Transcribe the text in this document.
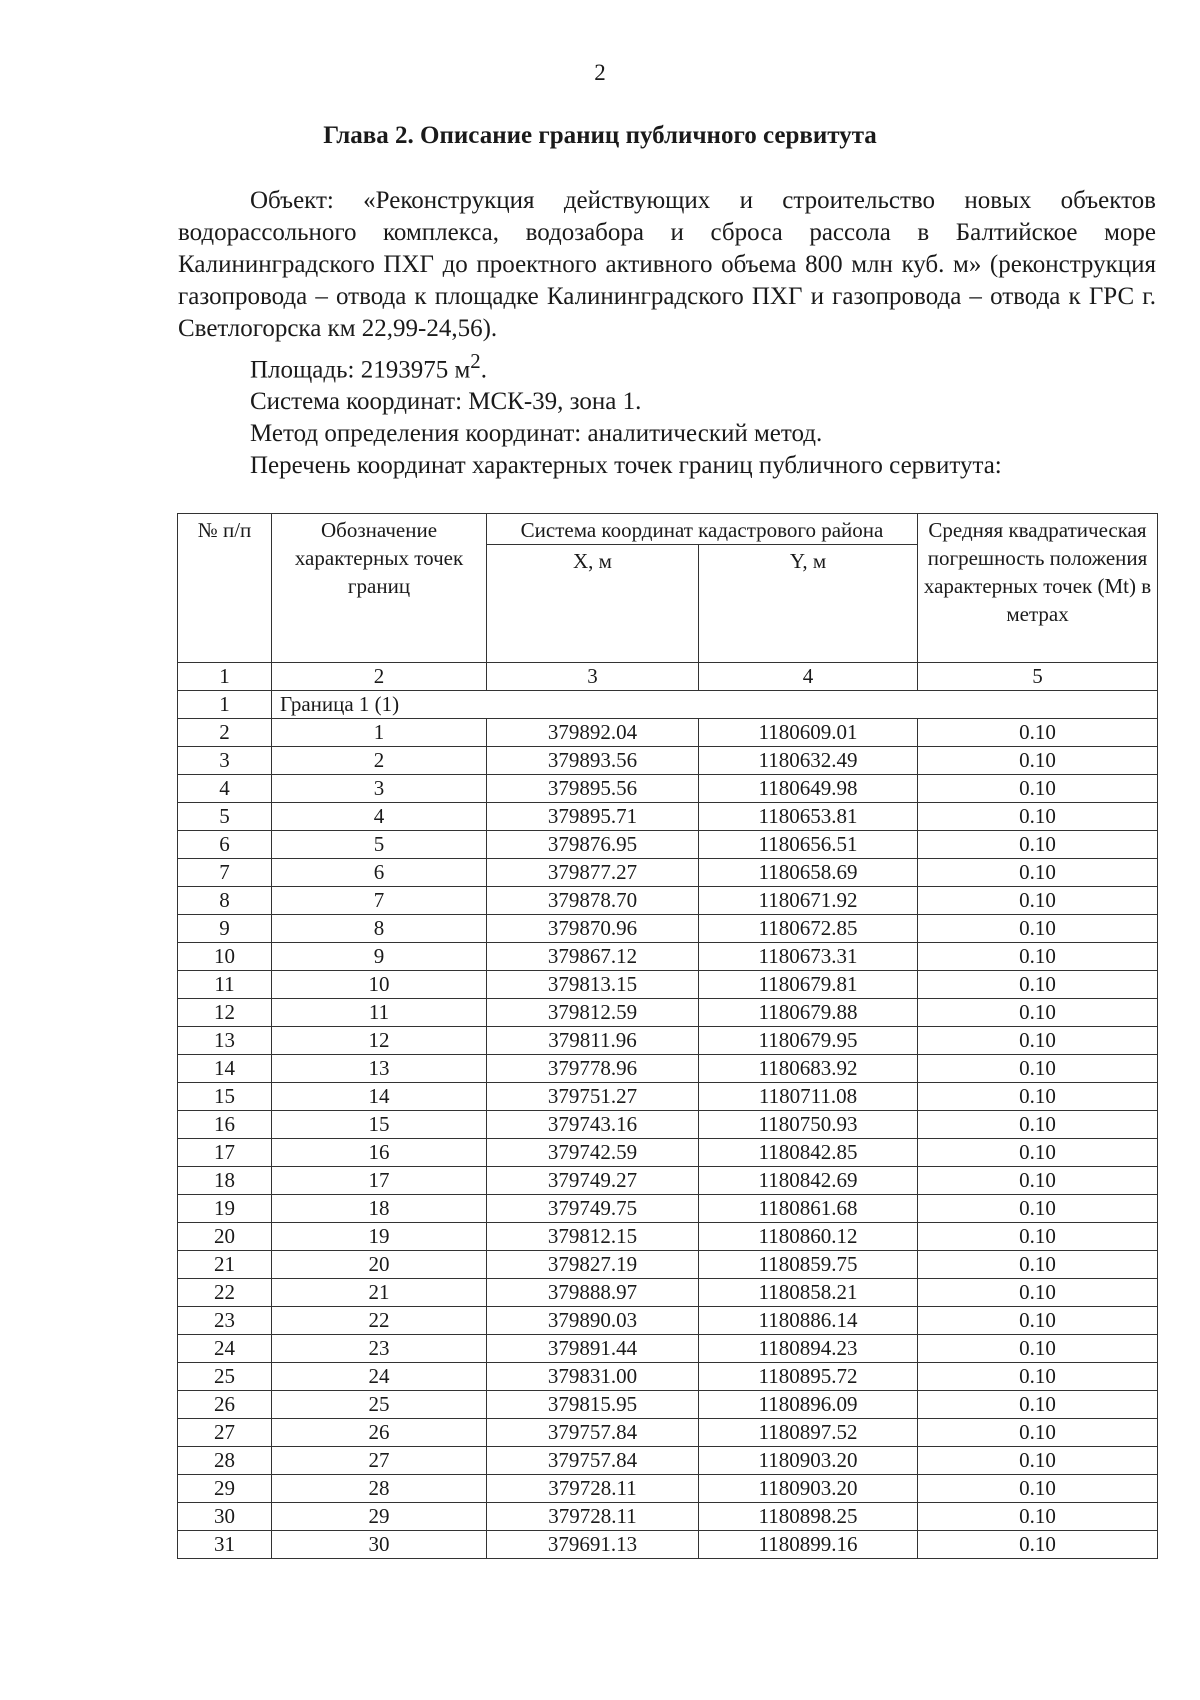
2
Глава 2. Описание границ публичного сервитута

Объект: «Реконструкция действующих и строительство новых объектов водорассольного комплекса, водозабора и сброса рассола в Балтийское море Калининградского ПХГ до проектного активного объема 800 млн куб. м» (реконструкция газопровода – отвода к площадке Калининградского ПХГ и газопровода – отвода к ГРС г. Светлогорска км 22,99-24,56).

Площадь: 2193975 $м^2$.

Система координат: МСК-39, зона 1.

Метод определения координат: аналитический метод.

Перечень координат характерных точек границ публичного сервитута:

№ п/п	Обозначение характерных точек границ	Система координат кадастрового района		Средняя квадратическая погрешность положения характерных точек (Mt) в метрах
		X, м	Y, м	
1	2	3	4	5
1	Граница 1 (1)			
2	1	379892.04	1180609.01	0.10
3	2	379893.56	1180632.49	0.10
4	3	379895.56	1180649.98	0.10
5	4	379895.71	1180653.81	0.10
6	5	379876.95	1180656.51	0.10
7	6	379877.27	1180658.69	0.10
8	7	379878.70	1180671.92	0.10
9	8	379870.96	1180672.85	0.10
10	9	379867.12	1180673.31	0.10
11	10	379813.15	1180679.81	0.10
12	11	379812.59	1180679.88	0.10
13	12	379811.96	1180679.95	0.10
14	13	379778.96	1180683.92	0.10
15	14	379751.27	1180711.08	0.10
16	15	379743.16	1180750.93	0.10
17	16	379742.59	1180842.85	0.10
18	17	379749.27	1180842.69	0.10
19	18	379749.75	1180861.68	0.10
20	19	379812.15	1180860.12	0.10
21	20	379827.19	1180859.75	0.10
22	21	379888.97	1180858.21	0.10
23	22	379890.03	1180886.14	0.10
24	23	379891.44	1180894.23	0.10
25	24	379831.00	1180895.72	0.10
26	25	379815.95	1180896.09	0.10
27	26	379757.84	1180897.52	0.10
28	27	379757.84	1180903.20	0.10
29	28	379728.11	1180903.20	0.10
30	29	379728.11	1180898.25	0.10
31	30	379691.13	1180899.16	0.10
